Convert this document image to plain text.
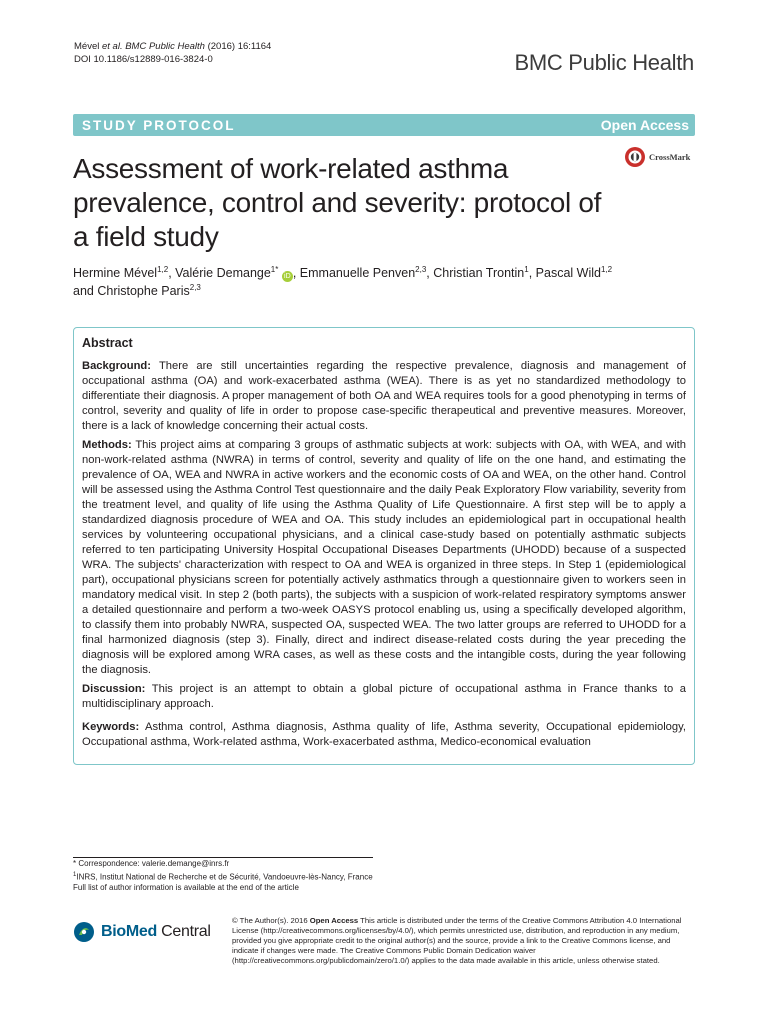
Mével et al. BMC Public Health (2016) 16:1164
DOI 10.1186/s12889-016-3824-0	BMC Public Health
STUDY PROTOCOL	Open Access
Assessment of work-related asthma prevalence, control and severity: protocol of a field study
CrossMark
Hermine Mével$^{1,2}$, Valérie Demange$^{1*}$ iD , Emmanuelle Penven$^{2,3}$, Christian Trontin$^1$, Pascal Wild$^{1,2}$
and Christophe Paris$^{2,3}$
Abstract

Background: There are still uncertainties regarding the respective prevalence, diagnosis and management of occupational asthma (OA) and work-exacerbated asthma (WEA). There is as yet no standardized methodology to differentiate their diagnosis. A proper management of both OA and WEA requires tools for a good phenotyping in terms of control, severity and quality of life in order to propose case-specific therapeutical and preventive measures. Moreover, there is a lack of knowledge concerning their actual costs.

Methods: This project aims at comparing 3 groups of asthmatic subjects at work: subjects with OA, with WEA, and with non-work-related asthma (NWRA) in terms of control, severity and quality of life on the one hand, and estimating the prevalence of OA, WEA and NWRA in active workers and the economic costs of OA and WEA, on the other hand. Control will be assessed using the Asthma Control Test questionnaire and the daily Peak Exploratory Flow variability, severity from the treatment level, and quality of life using the Asthma Quality of Life Questionnaire. A first step will be to apply a standardized diagnosis procedure of WEA and OA. This study includes an epidemiological part in occupational health services by volunteering occupational physicians, and a clinical case-study based on potentially asthmatic subjects referred to ten participating University Hospital Occupational Diseases Departments (UHODD) because of a suspected WRA. The subjects' characterization with respect to OA and WEA is organized in three steps. In Step 1 (epidemiological part), occupational physicians screen for potentially actively asthmatics through a questionnaire given to workers seen in mandatory medical visit. In step 2 (both parts), the subjects with a suspicion of work-related respiratory symptoms answer a detailed questionnaire and perform a two-week OASYS protocol enabling us, using a specifically developed algorithm, to classify them into probably NWRA, suspected OA, suspected WEA. The two latter groups are referred to UHODD for a final harmonized diagnosis (step 3). Finally, direct and indirect disease-related costs during the year preceding the diagnosis will be explored among WRA cases, as well as these costs and the intangible costs, during the year following the diagnosis.

Discussion: This project is an attempt to obtain a global picture of occupational asthma in France thanks to a multidisciplinary approach.

Keywords: Asthma control, Asthma diagnosis, Asthma quality of life, Asthma severity, Occupational epidemiology, Occupational asthma, Work-related asthma, Work-exacerbated asthma, Medico-economical evaluation

* Correspondence: valerie.demange@inrs.fr

$^1$INRS, Institut National de Recherche et de Sécurité, Vandoeuvre-lès-Nancy, France

Full list of author information is available at the end of the article

BioMed Central
© The Author(s). 2016 Open Access This article is distributed under the terms of the Creative Commons Attribution 4.0 International License (http://creativecommons.org/licenses/by/4.0/), which permits unrestricted use, distribution, and reproduction in any medium, provided you give appropriate credit to the original author(s) and the source, provide a link to the Creative Commons license, and indicate if changes were made. The Creative Commons Public Domain Dedication waiver (http://creativecommons.org/publicdomain/zero/1.0/) applies to the data made available in this article, unless otherwise stated.
